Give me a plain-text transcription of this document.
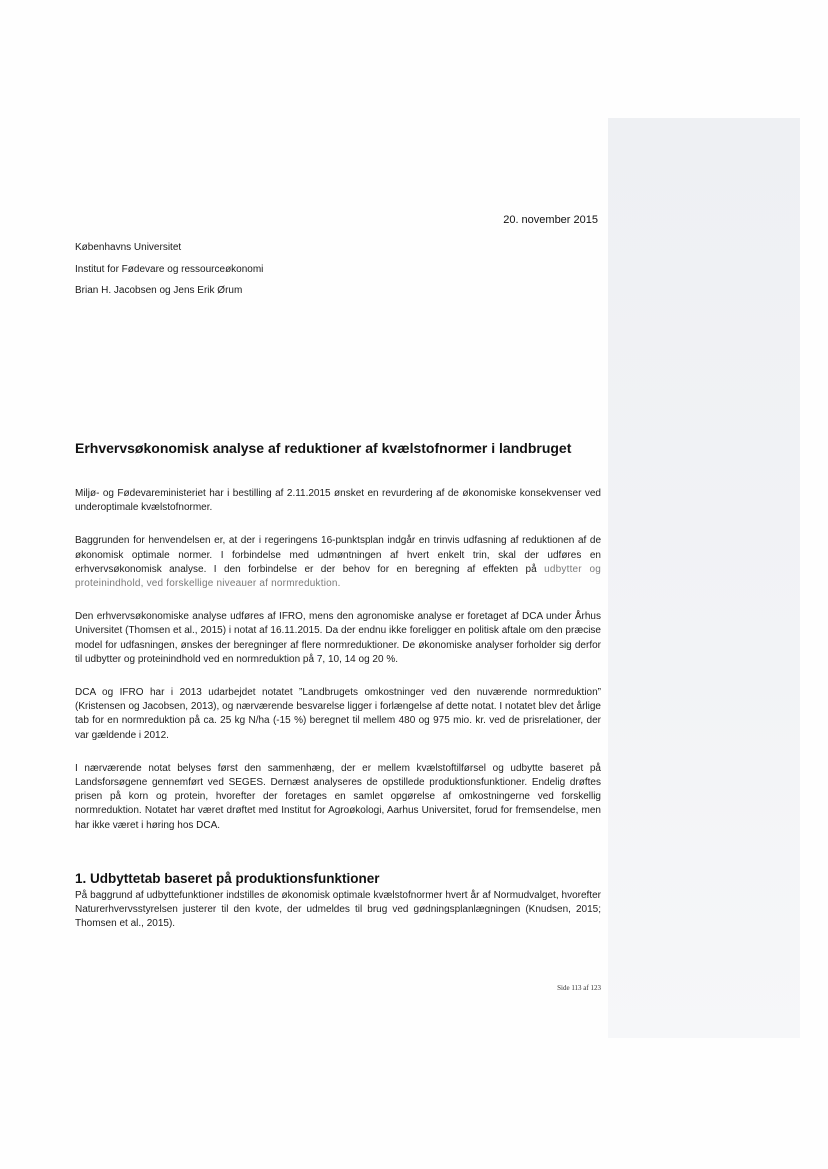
20. november 2015
Københavns Universitet
Institut for Fødevare og ressourceøkonomi
Brian H. Jacobsen og Jens Erik Ørum
Erhvervsøkonomisk analyse af reduktioner af kvælstofnormer i landbruget

Miljø- og Fødevareministeriet har i bestilling af 2.11.2015 ønsket en revurdering af de økonomiske konsekvenser ved underoptimale kvælstofnormer.

Baggrunden for henvendelsen er, at der i regeringens 16-punktsplan indgår en trinvis udfasning af reduktionen af de økonomisk optimale normer. I forbindelse med udmøntningen af hvert enkelt trin, skal der udføres en erhvervsøkonomisk analyse. I den forbindelse er der behov for en beregning af effekten på udbytter og proteinindhold, ved forskellige niveauer af normreduktion.

Den erhvervsøkonomiske analyse udføres af IFRO, mens den agronomiske analyse er foretaget af DCA under Århus Universitet (Thomsen et al., 2015) i notat af 16.11.2015. Da der endnu ikke foreligger en politisk aftale om den præcise model for udfasningen, ønskes der beregninger af flere normreduktioner. De økonomiske analyser forholder sig derfor til udbytter og proteinindhold ved en normreduktion på 7, 10, 14 og 20 %.

DCA og IFRO har i 2013 udarbejdet notatet ”Landbrugets omkostninger ved den nuværende normreduktion” (Kristensen og Jacobsen, 2013), og nærværende besvarelse ligger i forlængelse af dette notat. I notatet blev det årlige tab for en normreduktion på ca. 25 kg N/ha (-15 %) beregnet til mellem 480 og 975 mio. kr. ved de prisrelationer, der var gældende i 2012.

I nærværende notat belyses først den sammenhæng, der er mellem kvælstoftilførsel og udbytte baseret på Landsforsøgene gennemført ved SEGES. Dernæst analyseres de opstillede produktionsfunktioner. Endelig drøftes prisen på korn og protein, hvorefter der foretages en samlet opgørelse af omkostningerne ved forskellig normreduktion. Notatet har været drøftet med Institut for Agroøkologi, Aarhus Universitet, forud for fremsendelse, men har ikke været i høring hos DCA.

1. Udbyttetab baseret på produktionsfunktioner

På baggrund af udbyttefunktioner indstilles de økonomisk optimale kvælstofnormer hvert år af Normudvalget, hvorefter Naturerhvervsstyrelsen justerer til den kvote, der udmeldes til brug ved gødningsplanlægningen (Knudsen, 2015; Thomsen et al., 2015).

Side 113 af 123
